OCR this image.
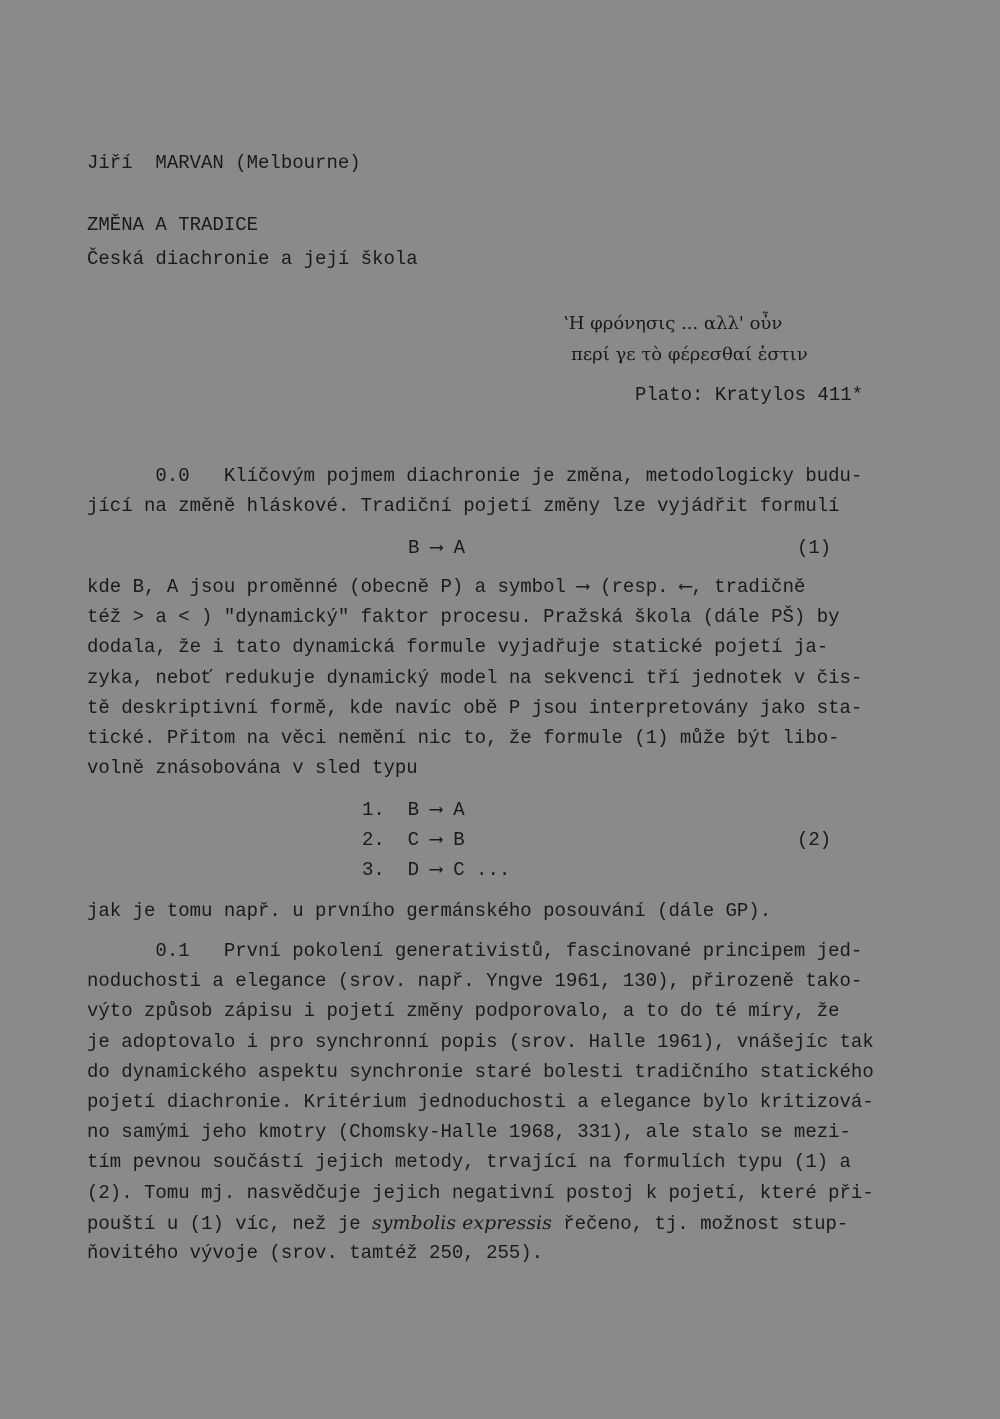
Jiří  MARVAN (Melbourne)
ZMĚNA A TRADICE
Česká diachronie a její škola
ʽΗ φρόνησις ... αλλ' οὖν
περί γε τὸ φέρεσθαί ἐστιν
Plato: Kratylos 411*
0.0   Klíčovým pojmem diachronie je změna, metodologicky budu-
jící na změně hláskové. Tradiční pojetí změny lze vyjádřit formulí
B ⟶ A	(1)
kde B, A jsou proměnné (obecně P) a symbol ⟶ (resp. ⟵, tradičně
též > a < ) "dynamický" faktor procesu. Pražská škola (dále PŠ) by
dodala, že i tato dynamická formule vyjadřuje statické pojetí ja-
zyka, neboť redukuje dynamický model na sekvenci tří jednotek v čis-
tě deskriptivní formě, kde navíc obě P jsou interpretovány jako sta-
tické. Přitom na věci nemění nic to, že formule (1) může být libo-
volně znásobována v sled typu
1.  B ⟶ A
2.  C ⟶ B
3.  D ⟶ C ...
(2)
jak je tomu např. u prvního germánského posouvání (dále GP).
0.1   První pokolení generativistů, fascinované principem jed-
noduchosti a elegance (srov. např. Yngve 1961, 130), přirozeně tako-
výto způsob zápisu i pojetí změny podporovalo, a to do té míry, že
je adoptovalo i pro synchronní popis (srov. Halle 1961), vnášejíc tak
do dynamického aspektu synchronie staré bolesti tradičního statického
pojetí diachronie. Kritérium jednoduchosti a elegance bylo kritizová-
no samými jeho kmotry (Chomsky-Halle 1968, 331), ale stalo se mezi-
tím pevnou součástí jejich metody, trvající na formulích typu (1) a
(2). Tomu mj. nasvědčuje jejich negativní postoj k pojetí, které při-
pouští u (1) víc, než je symbolis expressis řečeno, tj. možnost stup-
ňovitého vývoje (srov. tamtéž 250, 255).
